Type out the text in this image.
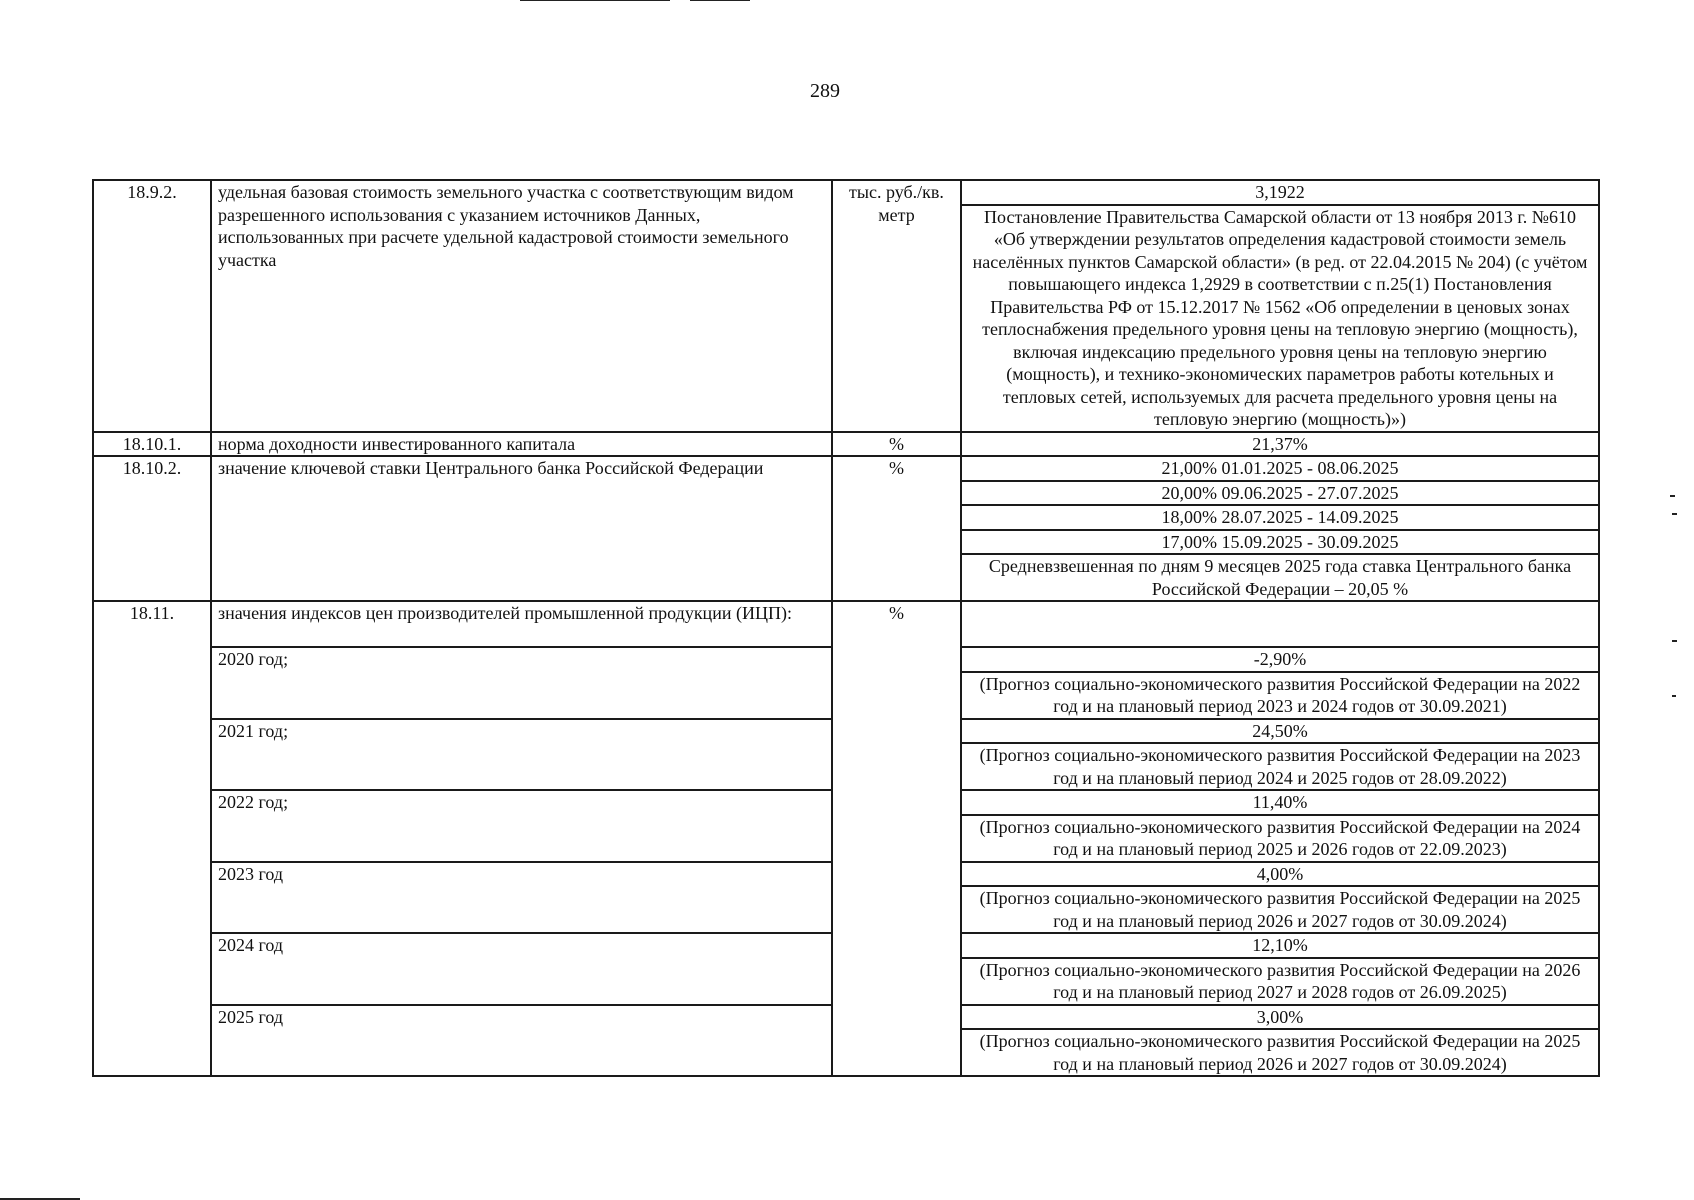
289
18.9.2.	удельная базовая стоимость земельного участка с соответствующим видом разрешенного использования с указанием источников Данных, использованных при расчете удельной кадастровой стоимости земельного участка	тыс. руб./кв. метр	3,1922
			Постановление Правительства Самарской области от 13 ноября 2013 г. №610 «Об утверждении результатов определения кадастровой стоимости земель населённых пунктов Самарской области» (в ред. от 22.04.2015 № 204) (с учётом повышающего индекса 1,2929 в соответствии с п.25(1) Постановления Правительства РФ от 15.12.2017 № 1562 «Об определении в ценовых зонах теплоснабжения предельного уровня цены на тепловую энергию (мощность), включая индексацию предельного уровня цены на тепловую энергию (мощность), и технико-экономических параметров работы котельных и тепловых сетей, используемых для расчета предельного уровня цены на тепловую энергию (мощность)»)
18.10.1.	норма доходности инвестированного капитала	%	21,37%
18.10.2.	значение ключевой ставки Центрального банка Российской Федерации	%	21,00% 01.01.2025 - 08.06.2025
			20,00% 09.06.2025 - 27.07.2025
			18,00% 28.07.2025 - 14.09.2025
			17,00% 15.09.2025 - 30.09.2025
			Средневзвешенная по дням 9 месяцев 2025 года ставка Центрального банка Российской Федерации – 20,05 %
18.11.	значения индексов цен производителей промышленной продукции (ИЦП):	%	
	2020 год;		-2,90%
			(Прогноз социально-экономического развития Российской Федерации на 2022 год и на плановый период 2023 и 2024 годов от 30.09.2021)
	2021 год;		24,50%
			(Прогноз социально-экономического развития Российской Федерации на 2023 год и на плановый период 2024 и 2025 годов от 28.09.2022)
	2022 год;		11,40%
			(Прогноз социально-экономического развития Российской Федерации на 2024 год и на плановый период 2025 и 2026 годов от 22.09.2023)
	2023 год		4,00%
			(Прогноз социально-экономического развития Российской Федерации на 2025 год и на плановый период 2026 и 2027 годов от 30.09.2024)
	2024 год		12,10%
			(Прогноз социально-экономического развития Российской Федерации на 2026 год и на плановый период 2027 и 2028 годов от 26.09.2025)
	2025 год		3,00%
			(Прогноз социально-экономического развития Российской Федерации на 2025 год и на плановый период 2026 и 2027 годов от 30.09.2024)
